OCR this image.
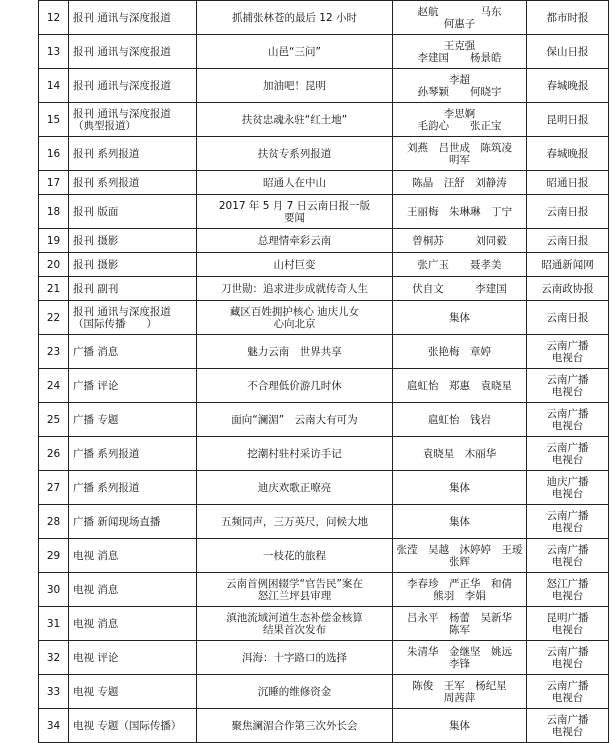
12	报刊 通讯与深度报道	抓捕张林苍的最后 12 小时	赵航　　　　马东
何惠子	都市时报

13	报刊 通讯与深度报道	山邑“三问”	王克强
李建国　　杨景皓	保山日报

14	报刊 通讯与深度报道	加油吧！昆明	李超
孙琴颖　　何晓宇	春城晚报

15	报刊 通讯与深度报道
（典型报道）	扶贫忠魂永驻“红土地”	李思婀
毛韵心　　张正宝	昆明日报

16	报刊 系列报道	扶贫专系列报道	刘燕　吕世成　陈筑凌
明军	春城晚报

17	报刊 系列报道	昭通人在中山	陈晶　汪舒　刘静涛	昭通日报

18	报刊 版面	2017 年 5 月 7 日云南日报一版
要闻	王丽梅　朱琳琳　丁宁	云南日报

19	报刊 摄影	总理情牵彩云南	曾桐苏　　　刘同毅	云南日报

20	报刊 摄影	山村巨变	张广玉　　聂孝美	昭通新闻网

21	报刊 副刊	刀世勋：追求进步成就传奇人生	伏自文　　　李建国	云南政协报

22	报刊 通讯与深度报道
（国际传播　　）	藏区百姓拥护核心 迪庆儿女
心向北京	集体	云南日报

23	广播 消息	魅力云南　世界共享	张艳梅　章婷	云南广播
电视台

24	广播 评论	不合理低价游几时休	扈虹怡　郑惠　袁晓星	云南广播
电视台

25	广播 专题	面向“澜湄”　云南大有可为	扈虹怡　钱岩	云南广播
电视台

26	广播 系列报道	挖潮村驻村采访手记	袁晓星　木丽华	云南广播
电视台

27	广播 系列报道	迪庆欢歌正嘹亮	集体	迪庆广播
电视台

28	广播 新闻现场直播	五频同声，三万英尺，问候大地	集体	云南广播
电视台

29	电视 消息	一枝花的旅程	张滢　吴越　沐婷婷　王瑷
张辉	云南广播
电视台

30	电视 消息	云南首例困辍学“官告民”案在
怒江兰坪县审理	李春珍　严正华　和倩
熊羽　李娟	怒江广播
电视台

31	电视 消息	滇池流域河道生态补偿金核算
结果首次发布	吕永平　杨蕾　吴新华
陈军	昆明广播
电视台

32	电视 评论	洱海：十字路口的选择	朱清华　金继坚　姚远
李锋	云南广播
电视台

33	电视 专题	沉睡的维修资金	陈俊　王军　杨纪星
周茜萍	云南广播
电视台

34	电视 专题（国际传播）	聚焦澜湄合作第三次外长会	集体	云南广播
电视台
